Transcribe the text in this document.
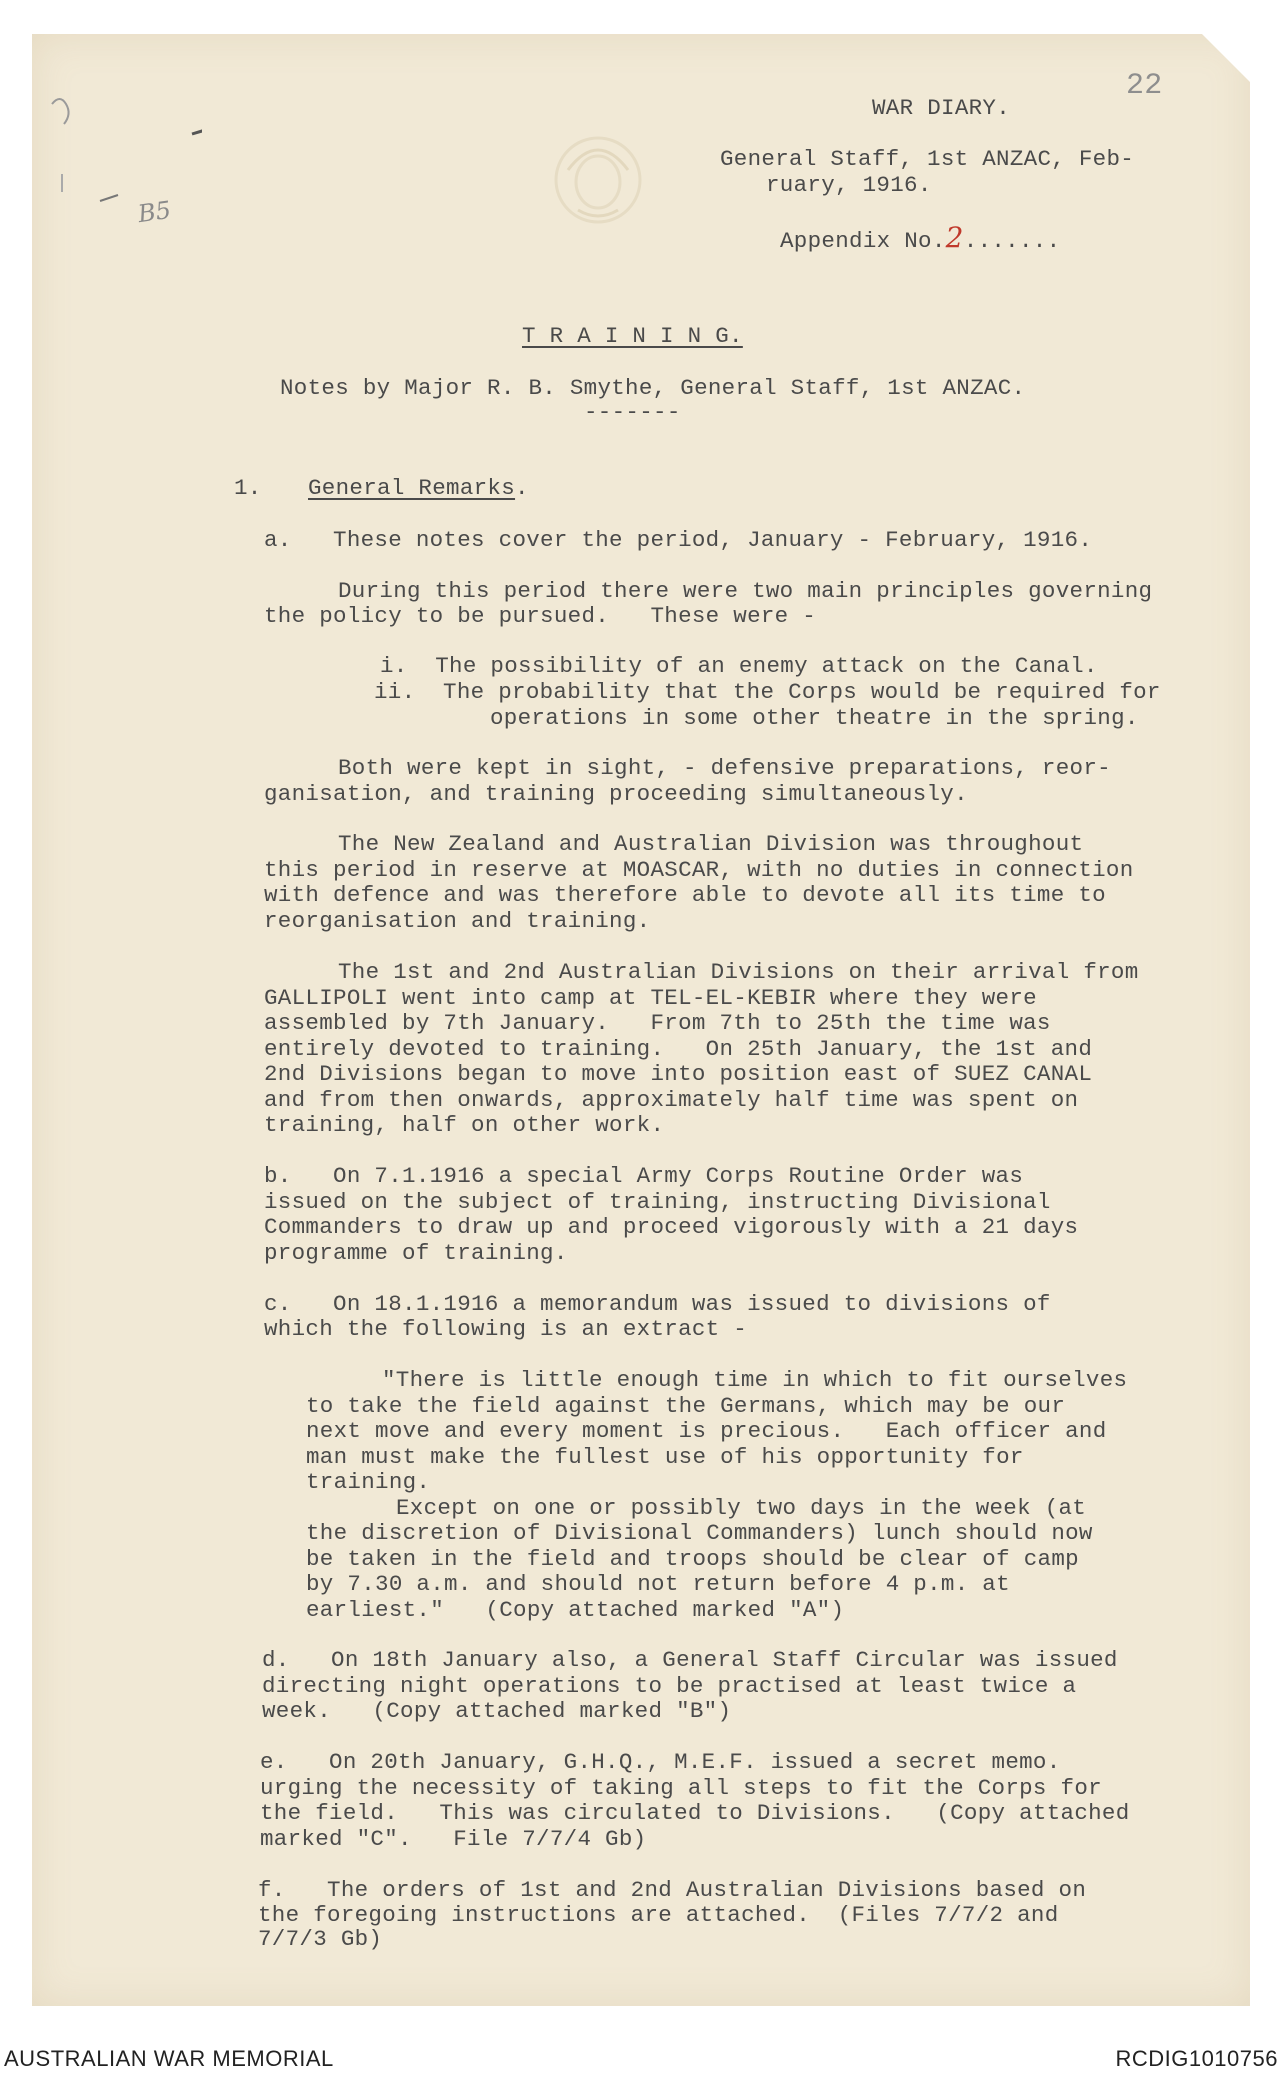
B5
22
WAR DIARY.
General Staff, 1st ANZAC, Feb-
ruary, 1916.
Appendix No.2.......
T R A I N I N G.
Notes by Major R. B. Smythe, General Staff, 1st ANZAC.
-------
1. General Remarks.
a.   These notes cover the period, January - February, 1916.
During this period there were two main principles governing
the policy to be pursued.   These were -
i.  The possibility of an enemy attack on the Canal.
ii.  The probability that the Corps would be required for
operations in some other theatre in the spring.
Both were kept in sight, - defensive preparations, reor-
ganisation, and training proceeding simultaneously.
The New Zealand and Australian Division was throughout
this period in reserve at MOASCAR, with no duties in connection
with defence and was therefore able to devote all its time to
reorganisation and training.
The 1st and 2nd Australian Divisions on their arrival from
GALLIPOLI went into camp at TEL-EL-KEBIR where they were
assembled by 7th January.   From 7th to 25th the time was
entirely devoted to training.   On 25th January, the 1st and
2nd Divisions began to move into position east of SUEZ CANAL
and from then onwards, approximately half time was spent on
training, half on other work.
b.   On 7.1.1916 a special Army Corps Routine Order was
issued on the subject of training, instructing Divisional
Commanders to draw up and proceed vigorously with a 21 days
programme of training.
c.   On 18.1.1916 a memorandum was issued to divisions of
which the following is an extract -
"There is little enough time in which to fit ourselves
to take the field against the Germans, which may be our
next move and every moment is precious.   Each officer and
man must make the fullest use of his opportunity for
training.
Except on one or possibly two days in the week (at
the discretion of Divisional Commanders) lunch should now
be taken in the field and troops should be clear of camp
by 7.30 a.m. and should not return before 4 p.m. at
earliest."   (Copy attached marked "A")
d.   On 18th January also, a General Staff Circular was issued
directing night operations to be practised at least twice a
week.   (Copy attached marked "B")
e.   On 20th January, G.H.Q., M.E.F. issued a secret memo.
urging the necessity of taking all steps to fit the Corps for
the field.   This was circulated to Divisions.   (Copy attached
marked "C".   File 7/7/4 Gb)
f.   The orders of 1st and 2nd Australian Divisions based on
the foregoing instructions are attached.  (Files 7/7/2 and
7/7/3 Gb)
AUSTRALIAN WAR MEMORIAL	RCDIG1010756
